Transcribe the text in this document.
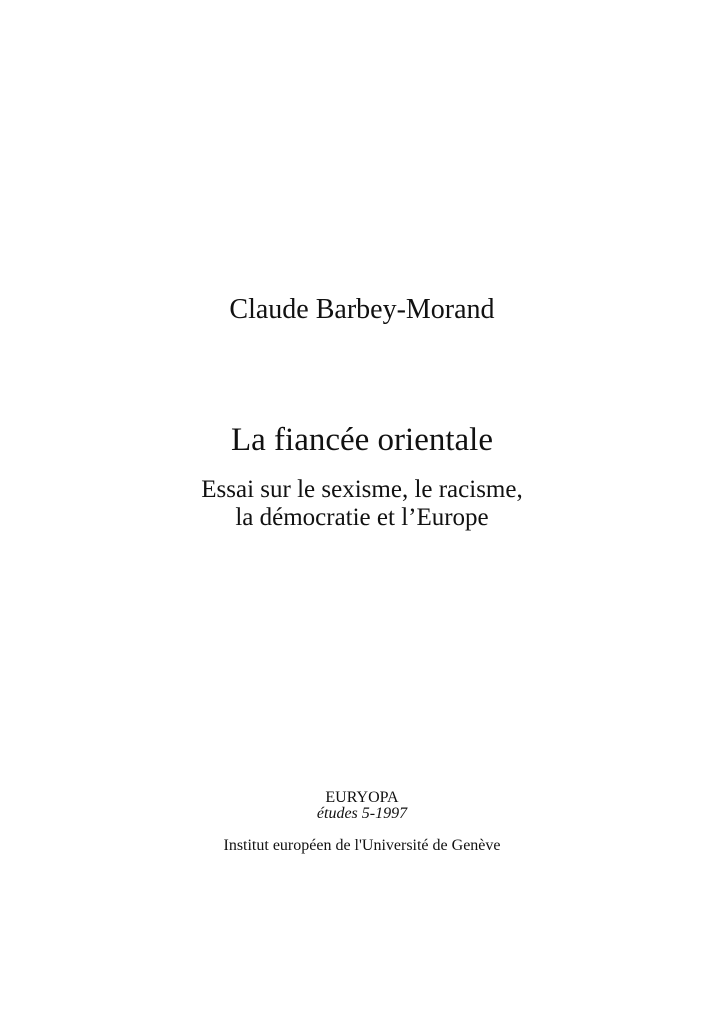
Claude Barbey-Morand
La fiancée orientale
Essai sur le sexisme, le racisme,
la démocratie et l’Europe
EURYOPA
études 5-1997
Institut européen de l'Université de Genève
